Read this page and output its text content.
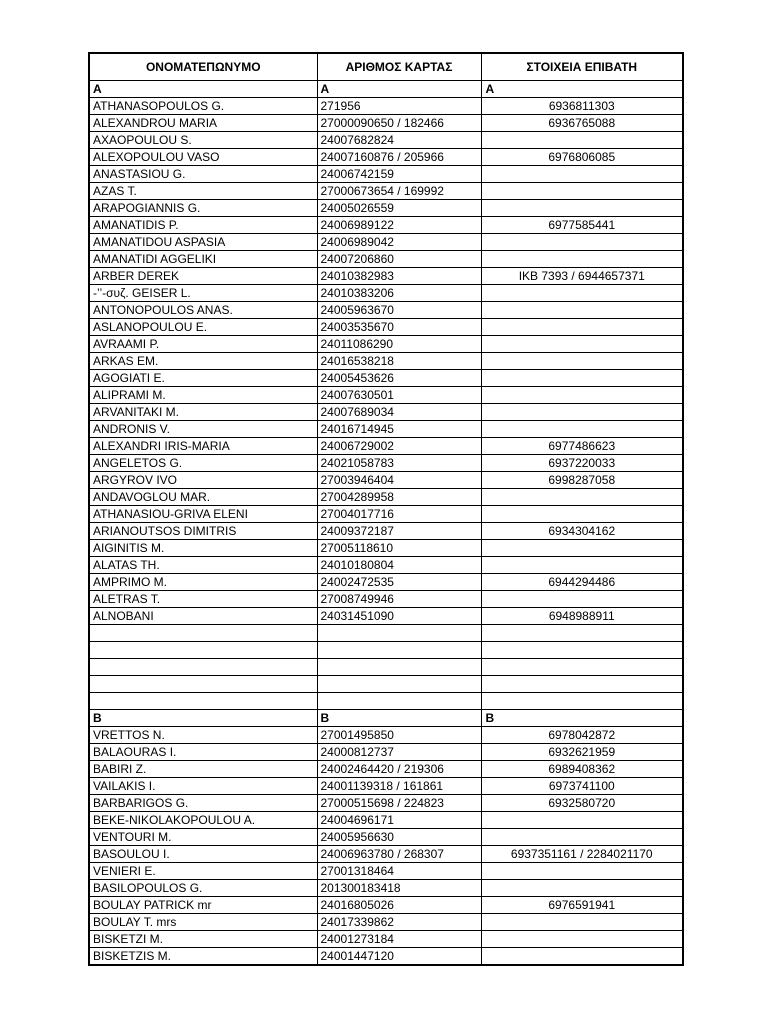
ΟΝΟΜΑΤΕΠΩΝΥΜΟ	ΑΡΙΘΜΟΣ ΚΑΡΤΑΣ	ΣΤΟΙΧΕΙΑ ΕΠΙΒΑΤΗ
Α	Α	Α
ATHANASOPOULOS G.	271956	6936811303
ALEXANDROU MARIA	27000090650 / 182466	6936765088
AXAOPOULOU S.	24007682824	
ALEXOPOULOU VASO	24007160876 / 205966	6976806085
ANASTASIOU G.	24006742159	
AZAS T.	27000673654 / 169992	
ARAPOGIANNIS G.	24005026559	
AMANATIDIS P.	24006989122	6977585441
AMANATIDOU ASPASIA	24006989042	
AMANATIDI AGGELIKI	24007206860	
ARBER DEREK	24010382983	IKB 7393 / 6944657371
-’’-συζ. GEISER L.	24010383206	
ANTONOPOULOS ANAS.	24005963670	
ASLANOPOULOU E.	24003535670	
AVRAAMI P.	24011086290	
ARKAS EM.	24016538218	
AGOGIATI E.	24005453626	
ALIPRAMI M.	24007630501	
ARVANITAKI M.	24007689034	
ANDRONIS V.	24016714945	
ALEXANDRI IRIS-MARIA	24006729002	6977486623
ANGELETOS G.	24021058783	6937220033
ARGYROV IVO	27003946404	6998287058
ANDAVOGLOU MAR.	27004289958	
ATHANASIOU-GRIVA ELENI	27004017716	
ARIANOUTSOS DIMITRIS	24009372187	6934304162
AIGINITIS M.	27005118610	
ALATAS TH.	24010180804	
AMPRIMO M.	24002472535	6944294486
ALETRAS T.	27008749946	
ALNOBANI	24031451090	6948988911

B	B	B
VRETTOS N.	27001495850	6978042872
BALAOURAS I.	24000812737	6932621959
BABIRI Z.	24002464420 / 219306	6989408362
VAILAKIS I.	24001139318 / 161861	6973741100
BARBARIGOS G.	27000515698 / 224823	6932580720
BEKE-NIKOLAKOPOULOU A.	24004696171	
VENTOURI M.	24005956630	
BASOULOU I.	24006963780 / 268307	6937351161 / 2284021170
VENIERI E.	27001318464	
BASILOPOULOS G.	201300183418	
BOULAY PATRICK mr	24016805026	6976591941
BOULAY T. mrs	24017339862	
BISKETZI M.	24001273184	
BISKETZIS M.	24001447120	
